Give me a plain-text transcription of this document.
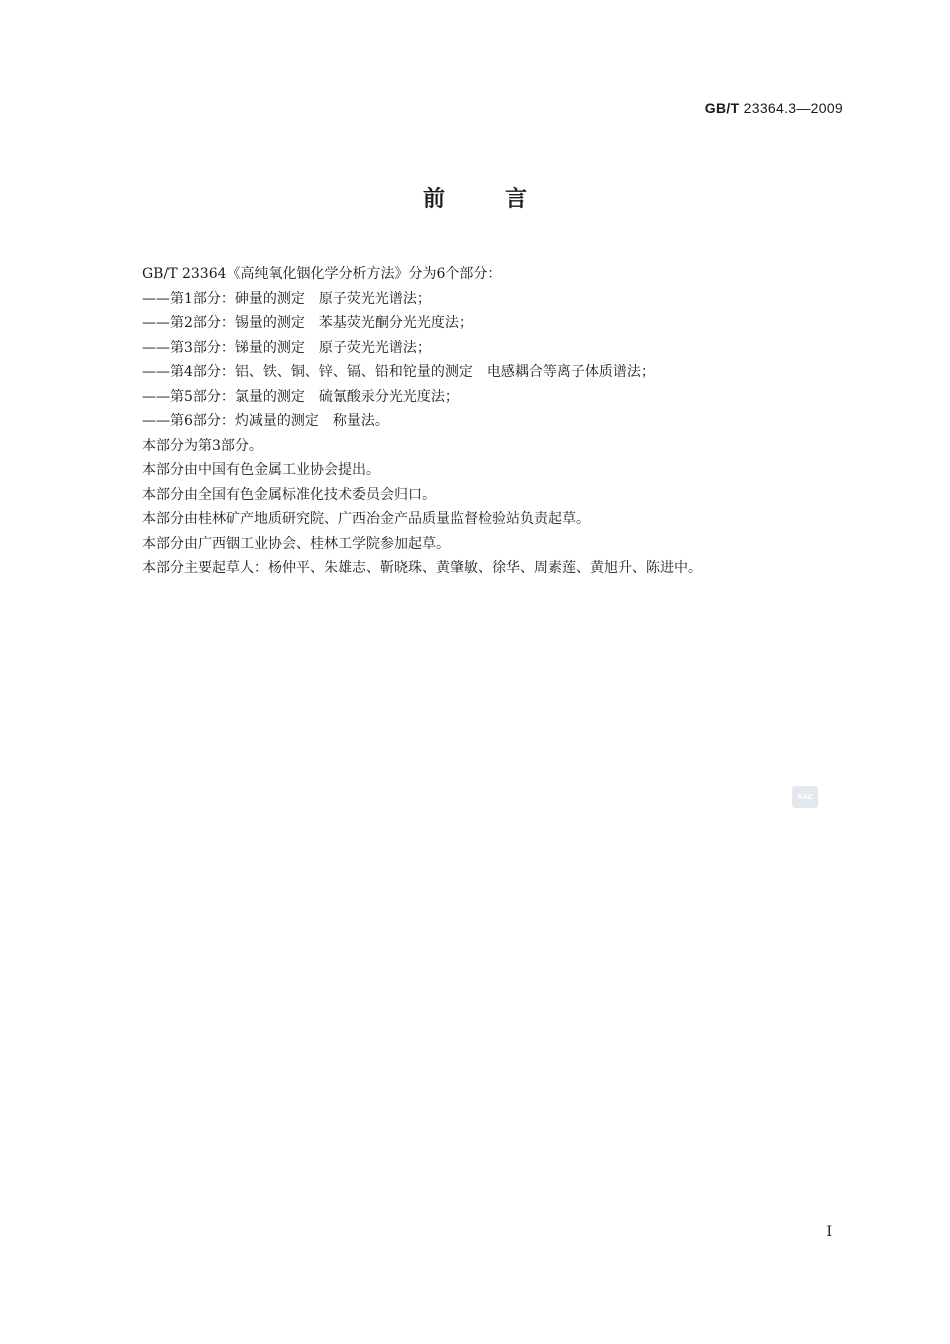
GB/T 23364.3—2009
前言
GB/T 23364《高纯氧化铟化学分析方法》分为6个部分：
——第1部分：砷量的测定 原子荧光光谱法；
——第2部分：锡量的测定 苯基荧光酮分光光度法；
——第3部分：锑量的测定 原子荧光光谱法；
——第4部分：铝、铁、铜、锌、镉、铅和铊量的测定 电感耦合等离子体质谱法；
——第5部分：氯量的测定 硫氰酸汞分光光度法；
——第6部分：灼减量的测定 称量法。
本部分为第3部分。
本部分由中国有色金属工业协会提出。
本部分由全国有色金属标准化技术委员会归口。
本部分由桂林矿产地质研究院、广西冶金产品质量监督检验站负责起草。
本部分由广西铟工业协会、桂林工学院参加起草。
本部分主要起草人：杨仲平、朱雄志、靳晓珠、黄肇敏、徐华、周素莲、黄旭升、陈进中。
SAC
I
